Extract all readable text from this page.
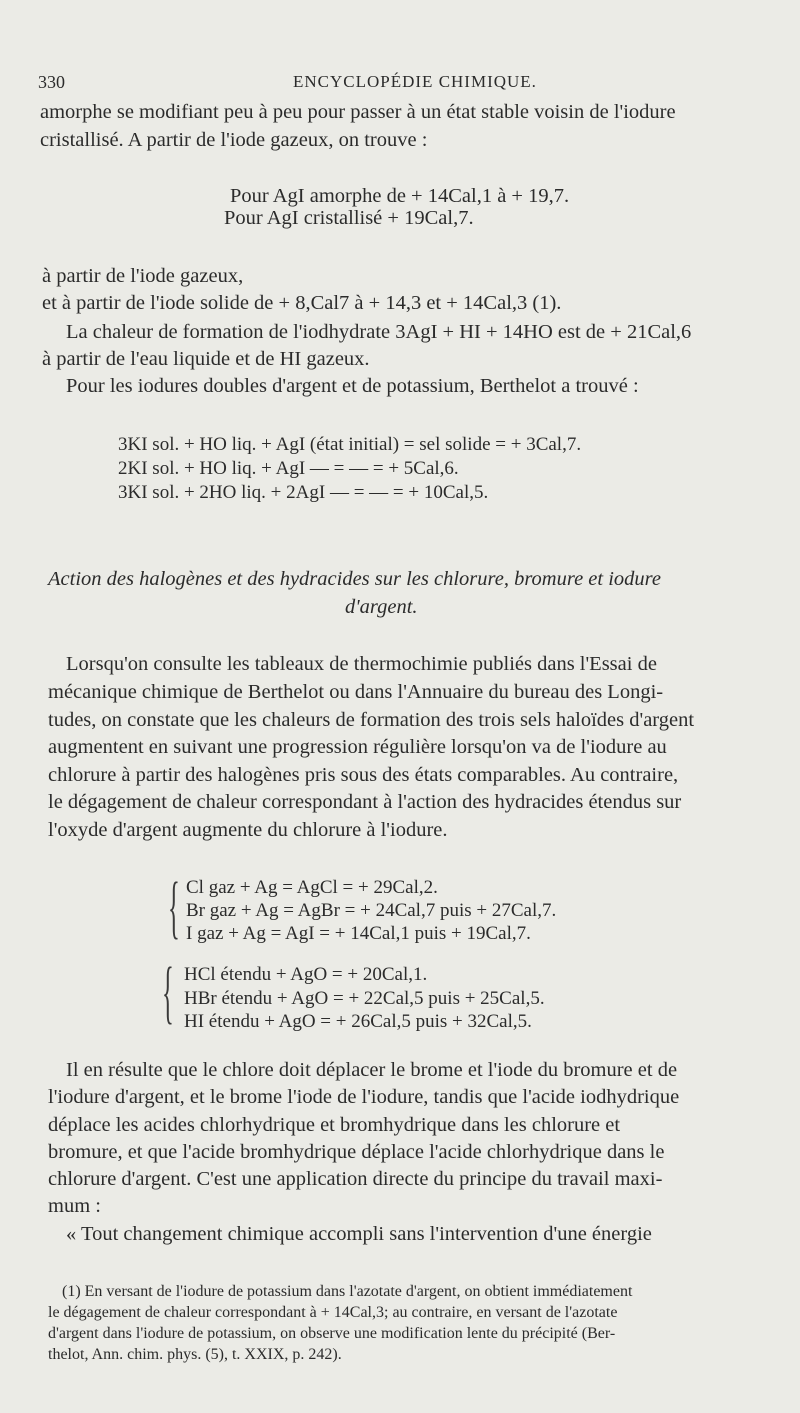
330	ENCYCLOPÉDIE CHIMIQUE.
amorphe se modifiant peu à peu pour passer à un état stable voisin de l'iodure
cristallisé. A partir de l'iode gazeux, on trouve :
Pour AgI amorphe de + 14Cal,1 à + 19,7.
Pour AgI cristallisé + 19Cal,7.
à partir de l'iode gazeux,
et à partir de l'iode solide de + 8,Cal7 à + 14,3 et + 14Cal,3 (1).
La chaleur de formation de l'iodhydrate 3AgI + HI + 14HO est de + 21Cal,6
à partir de l'eau liquide et de HI gazeux.
Pour les iodures doubles d'argent et de potassium, Berthelot a trouvé :
3KI sol. + HO liq. + AgI (état initial) = sel solide = + 3Cal,7.
2KI sol. + HO liq. + AgI — = — = + 5Cal,6.
3KI sol. + 2HO liq. + 2AgI — = — = + 10Cal,5.
Action des halogènes et des hydracides sur les chlorure, bromure et iodure
d'argent.
Lorsqu'on consulte les tableaux de thermochimie publiés dans l'Essai de
mécanique chimique de Berthelot ou dans l'Annuaire du bureau des Longi-
tudes, on constate que les chaleurs de formation des trois sels haloïdes d'argent
augmentent en suivant une progression régulière lorsqu'on va de l'iodure au
chlorure à partir des halogènes pris sous des états comparables. Au contraire,
le dégagement de chaleur correspondant à l'action des hydracides étendus sur
l'oxyde d'argent augmente du chlorure à l'iodure.
{ Cl gaz + Ag = AgCl = + 29Cal,2.
Br gaz + Ag = AgBr = + 24Cal,7 puis + 27Cal,7.
I gaz + Ag = AgI = + 14Cal,1 puis + 19Cal,7.
{ HCl étendu + AgO = + 20Cal,1.
HBr étendu + AgO = + 22Cal,5 puis + 25Cal,5.
HI étendu + AgO = + 26Cal,5 puis + 32Cal,5.
Il en résulte que le chlore doit déplacer le brome et l'iode du bromure et de
l'iodure d'argent, et le brome l'iode de l'iodure, tandis que l'acide iodhydrique
déplace les acides chlorhydrique et bromhydrique dans les chlorure et
bromure, et que l'acide bromhydrique déplace l'acide chlorhydrique dans le
chlorure d'argent. C'est une application directe du principe du travail maxi-
mum :
« Tout changement chimique accompli sans l'intervention d'une énergie
(1) En versant de l'iodure de potassium dans l'azotate d'argent, on obtient immédiatement
le dégagement de chaleur correspondant à + 14Cal,3; au contraire, en versant de l'azotate
d'argent dans l'iodure de potassium, on observe une modification lente du précipité (Ber-
thelot, Ann. chim. phys. (5), t. XXIX, p. 242).
